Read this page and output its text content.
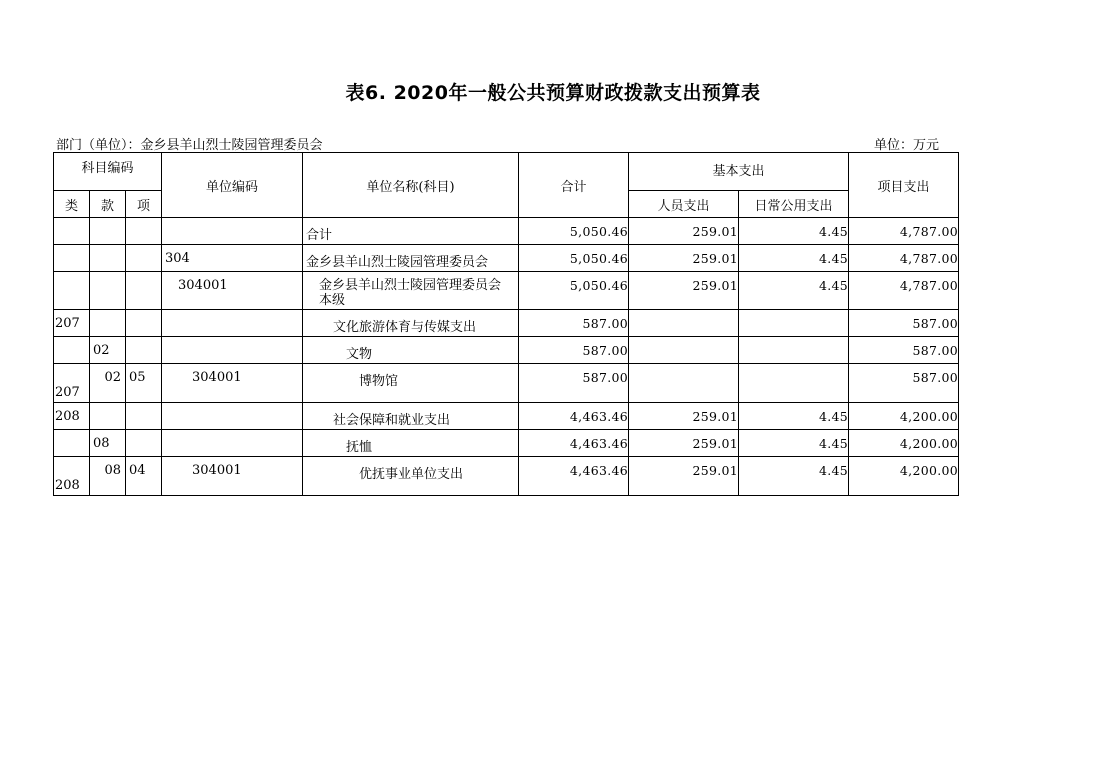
表6. 2020年一般公共预算财政拨款支出预算表
部门（单位）：金乡县羊山烈士陵园管理委员会	单位：万元
科目编码			单位编码	单位名称(科目)	合计	基本支出		项目支出
类	款	项				人员支出	日常公用支出	
				合计	5,050.46	259.01	4.45	4,787.00
			304	金乡县羊山烈士陵园管理委员会	5,050.46	259.01	4.45	4,787.00
			304001	金乡县羊山烈士陵园管理委员会本级	5,050.46	259.01	4.45	4,787.00
207				文化旅游体育与传媒支出	587.00			587.00
	02			文物	587.00			587.00
207	02	05	304001	博物馆	587.00			587.00
208				社会保障和就业支出	4,463.46	259.01	4.45	4,200.00
	08			抚恤	4,463.46	259.01	4.45	4,200.00
208	08	04	304001	优抚事业单位支出	4,463.46	259.01	4.45	4,200.00
